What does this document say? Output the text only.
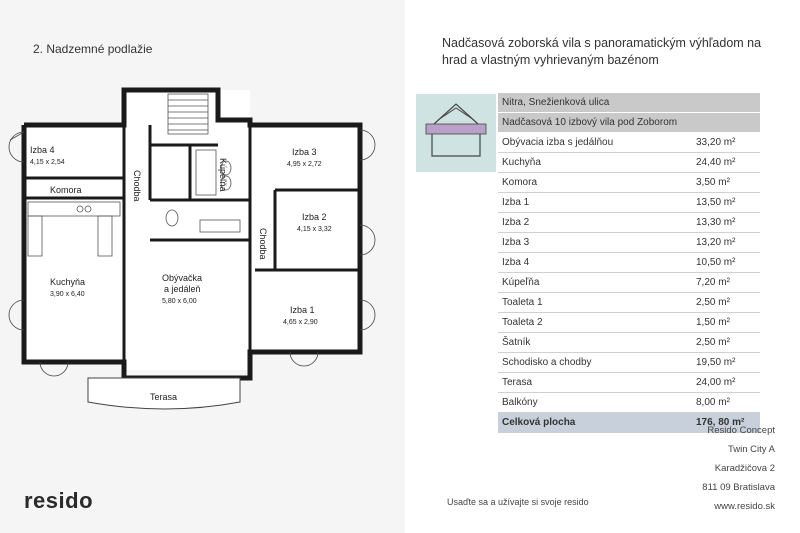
2. Nadzemné podlažie
Izba 4
4,15 x 2,54
Komora	Chodba	Kúpeľňa
Izba 3
4,95 x 2,72
Izba 2
4,15 x 3,32
Chodba
Kuchyňa
3,90 x 6,40
Obývačka
a jedáleň
5,80 x 6,00
Izba 1
4,65 x 2,90
Terasa
resido
Nadčasová zoborská vila s panoramatickým výhľadom na hrad a vlastným vyhrievaným bazénom
Nitra, Snežienková ulica	
Nadčasová 10 izbový vila pod Zoborom	
Obývacia izba s jedálňou	33,20 m²
Kuchyňa	24,40 m²
Komora	3,50 m²
Izba 1	13,50 m²
Izba 2	13,30 m²
Izba 3	13,20 m²
Izba 4	10,50 m²
Kúpeľňa	7,20 m²
Toaleta 1	2,50 m²
Toaleta 2	1,50 m²
Šatník	2,50 m²
Schodisko a chodby	19,50 m²
Terasa	24,00 m²
Balkóny	8,00 m²
Celková plocha	176, 80 m²
Resido Concept
Twin City A
Karadžičova 2
811 09 Bratislava
www.resido.sk
Usaďte sa a užívajte si svoje resido
